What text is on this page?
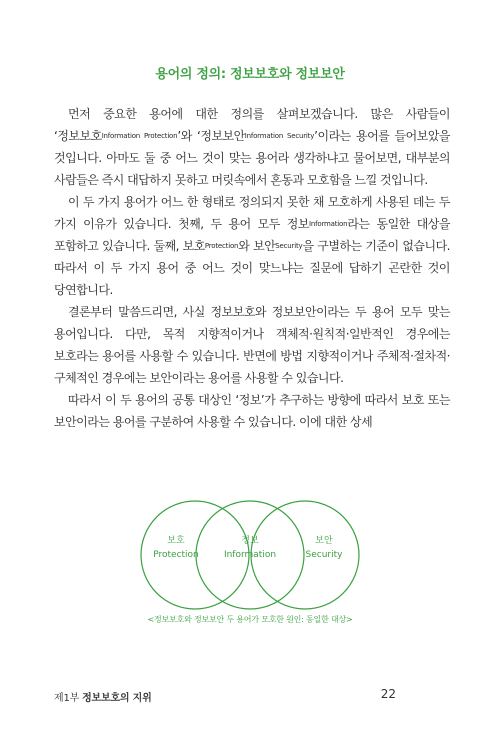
용어의 정의: 정보보호와 정보보안

먼저 중요한 용어에 대한 정의를 살펴보겠습니다. 많은 사람들이 ‘정보보호$^{Information Protection}$’와 ‘정보보안$^{Information Security}$’이라는 용어를 들어보았을 것입니다. 아마도 둘 중 어느 것이 맞는 용어라 생각하냐고 물어보면, 대부분의 사람들은 즉시 대답하지 못하고 머릿속에서 혼동과 모호함을 느낄 것입니다.

이 두 가지 용어가 어느 한 형태로 정의되지 못한 채 모호하게 사용된 데는 두 가지 이유가 있습니다. 첫째, 두 용어 모두 정보$^{Information}$라는 동일한 대상을 포함하고 있습니다. 둘째, 보호$^{Protection}$와 보안$^{Security}$을 구별하는 기준이 없습니다. 따라서 이 두 가지 용어 중 어느 것이 맞느냐는 질문에 답하기 곤란한 것이 당연합니다.

결론부터 말씀드리면, 사실 정보보호와 정보보안이라는 두 용어 모두 맞는 용어입니다. 다만, 목적 지향적이거나 객체적·원칙적·일반적인 경우에는 보호라는 용어를 사용할 수 있습니다. 반면에 방법 지향적이거나 주체적·절차적·구체적인 경우에는 보안이라는 용어를 사용할 수 있습니다.

따라서 이 두 용어의 공통 대상인 ‘정보’가 추구하는 방향에 따라서 보호 또는 보안이라는 용어를 구분하여 사용할 수 있습니다. 이에 대한 상세

보호
Protection
정보
Information
보안
Security

<정보보호와 정보보안 두 용어가 모호한 원인: 동일한 대상>

제1부 정보보호의 지위	22
